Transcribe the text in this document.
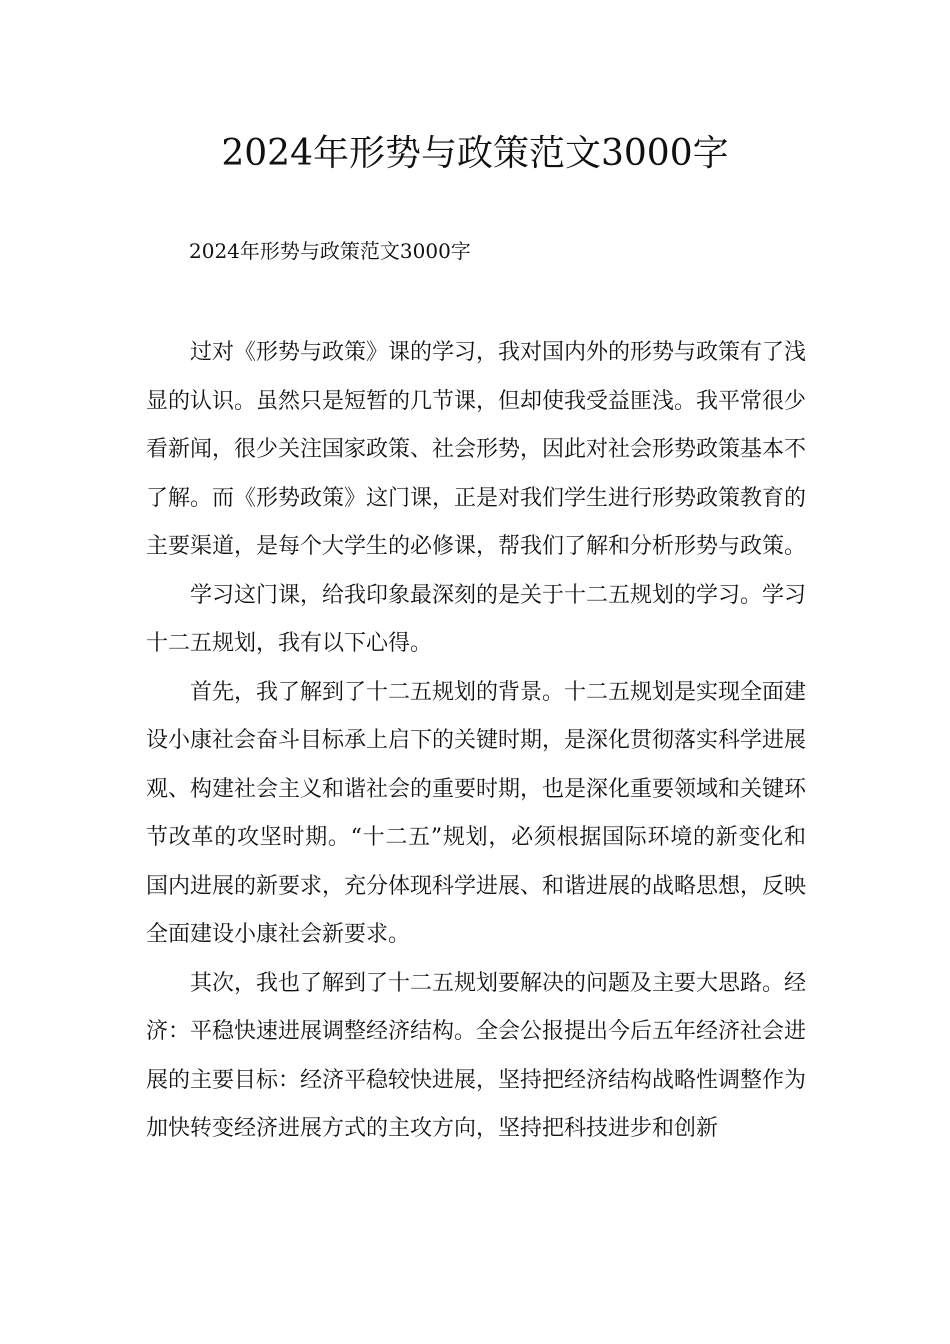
2024年形势与政策范文3000字

2024年形势与政策范文3000字

过对《形势与政策》课的学习，我对国内外的形势与政策有了浅显的认识。虽然只是短暂的几节课，但却使我受益匪浅。我平常很少看新闻，很少关注国家政策、社会形势，因此对社会形势政策基本不了解。而《形势政策》这门课，正是对我们学生进行形势政策教育的主要渠道，是每个大学生的必修课，帮我们了解和分析形势与政策。

学习这门课，给我印象最深刻的是关于十二五规划的学习。学习十二五规划，我有以下心得。

首先，我了解到了十二五规划的背景。十二五规划是实现全面建设小康社会奋斗目标承上启下的关键时期，是深化贯彻落实科学进展观、构建社会主义和谐社会的重要时期，也是深化重要领域和关键环节改革的攻坚时期。“十二五”规划，必须根据国际环境的新变化和国内进展的新要求，充分体现科学进展、和谐进展的战略思想，反映全面建设小康社会新要求。

其次，我也了解到了十二五规划要解决的问题及主要大思路。经济：平稳快速进展调整经济结构。全会公报提出今后五年经济社会进展的主要目标：经济平稳较快进展，坚持把经济结构战略性调整作为加快转变经济进展方式的主攻方向，坚持把科技进步和创新
